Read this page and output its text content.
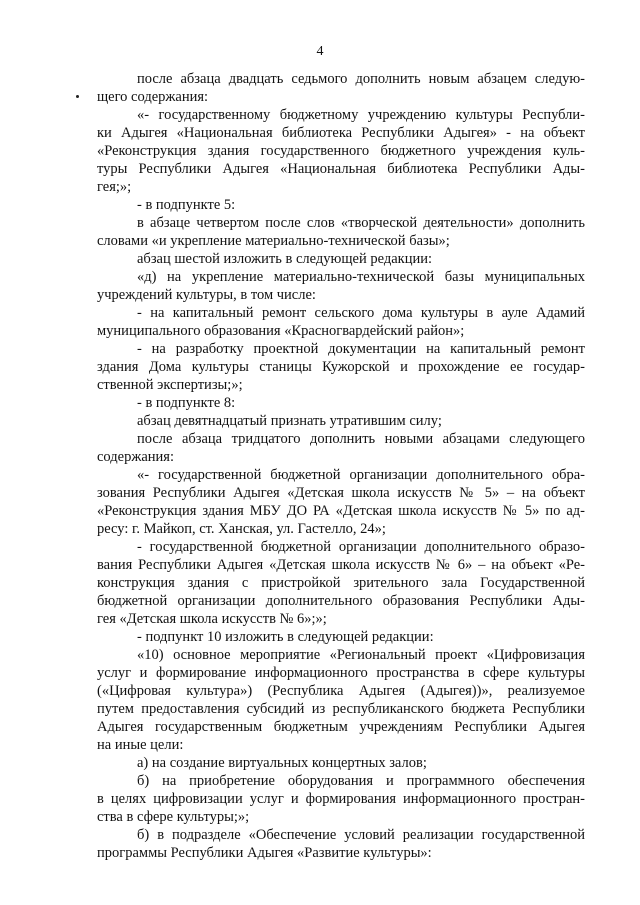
4

после абзаца двадцать седьмого дополнить новым абзацем следую-
щего содержания:

«- государственному бюджетному учреждению культуры Республи-
ки Адыгея «Национальная библиотека Республики Адыгея» - на объект
«Реконструкция здания государственного бюджетного учреждения куль-
туры Республики Адыгея «Национальная библиотека Республики Ады-
гея;»;

- в подпункте 5:

в абзаце четвертом после слов «творческой деятельности» дополнить
словами «и укрепление материально-технической базы»;

абзац шестой изложить в следующей редакции:

«д) на укрепление материально-технической базы муниципальных
учреждений культуры, в том числе:

- на капитальный ремонт сельского дома культуры в ауле Адамий
муниципального образования «Красногвардейский район»;

- на разработку проектной документации на капитальный ремонт
здания Дома культуры станицы Кужорской и прохождение ее государ-
ственной экспертизы;»;

- в подпункте 8:

абзац девятнадцатый признать утратившим силу;

после абзаца тридцатого дополнить новыми абзацами следующего
содержания:

«- государственной бюджетной организации дополнительного обра-
зования Республики Адыгея «Детская школа искусств № 5» – на объект
«Реконструкция здания МБУ ДО РА «Детская школа искусств № 5» по ад-
ресу: г. Майкоп, ст. Ханская, ул. Гастелло, 24»;

- государственной бюджетной организации дополнительного образо-
вания Республики Адыгея «Детская школа искусств № 6» – на объект «Ре-
конструкция здания с пристройкой зрительного зала Государственной
бюджетной организации дополнительного образования Республики Ады-
гея «Детская школа искусств № 6»;»;

- подпункт 10 изложить в следующей редакции:

«10) основное мероприятие «Региональный проект «Цифровизация
услуг и формирование информационного пространства в сфере культуры
(«Цифровая культура») (Республика Адыгея (Адыгея))», реализуемое
путем предоставления субсидий из республиканского бюджета Республики
Адыгея государственным бюджетным учреждениям Республики Адыгея
на иные цели:

а) на создание виртуальных концертных залов;

б) на приобретение оборудования и программного обеспечения
в целях цифровизации услуг и формирования информационного простран-
ства в сфере культуры;»;

б) в подразделе «Обеспечение условий реализации государственной
программы Республики Адыгея «Развитие культуры»:
